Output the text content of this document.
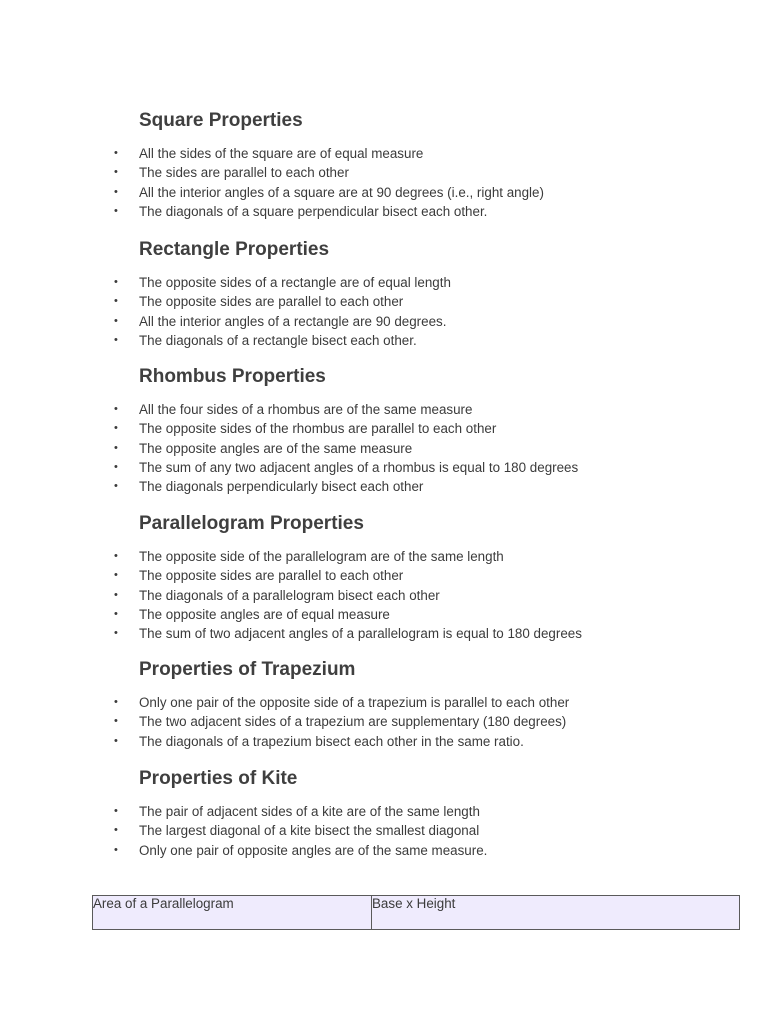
Square Properties
• All the sides of the square are of equal measure
• The sides are parallel to each other
• All the interior angles of a square are at 90 degrees (i.e., right angle)
• The diagonals of a square perpendicular bisect each other.
Rectangle Properties
• The opposite sides of a rectangle are of equal length
• The opposite sides are parallel to each other
• All the interior angles of a rectangle are 90 degrees.
• The diagonals of a rectangle bisect each other.
Rhombus Properties
• All the four sides of a rhombus are of the same measure
• The opposite sides of the rhombus are parallel to each other
• The opposite angles are of the same measure
• The sum of any two adjacent angles of a rhombus is equal to 180 degrees
• The diagonals perpendicularly bisect each other
Parallelogram Properties
• The opposite side of the parallelogram are of the same length
• The opposite sides are parallel to each other
• The diagonals of a parallelogram bisect each other
• The opposite angles are of equal measure
• The sum of two adjacent angles of a parallelogram is equal to 180 degrees
Properties of Trapezium
• Only one pair of the opposite side of a trapezium is parallel to each other
• The two adjacent sides of a trapezium are supplementary (180 degrees)
• The diagonals of a trapezium bisect each other in the same ratio.
Properties of Kite
• The pair of adjacent sides of a kite are of the same length
• The largest diagonal of a kite bisect the smallest diagonal
• Only one pair of opposite angles are of the same measure.
Area of a Parallelogram	Base x Height
